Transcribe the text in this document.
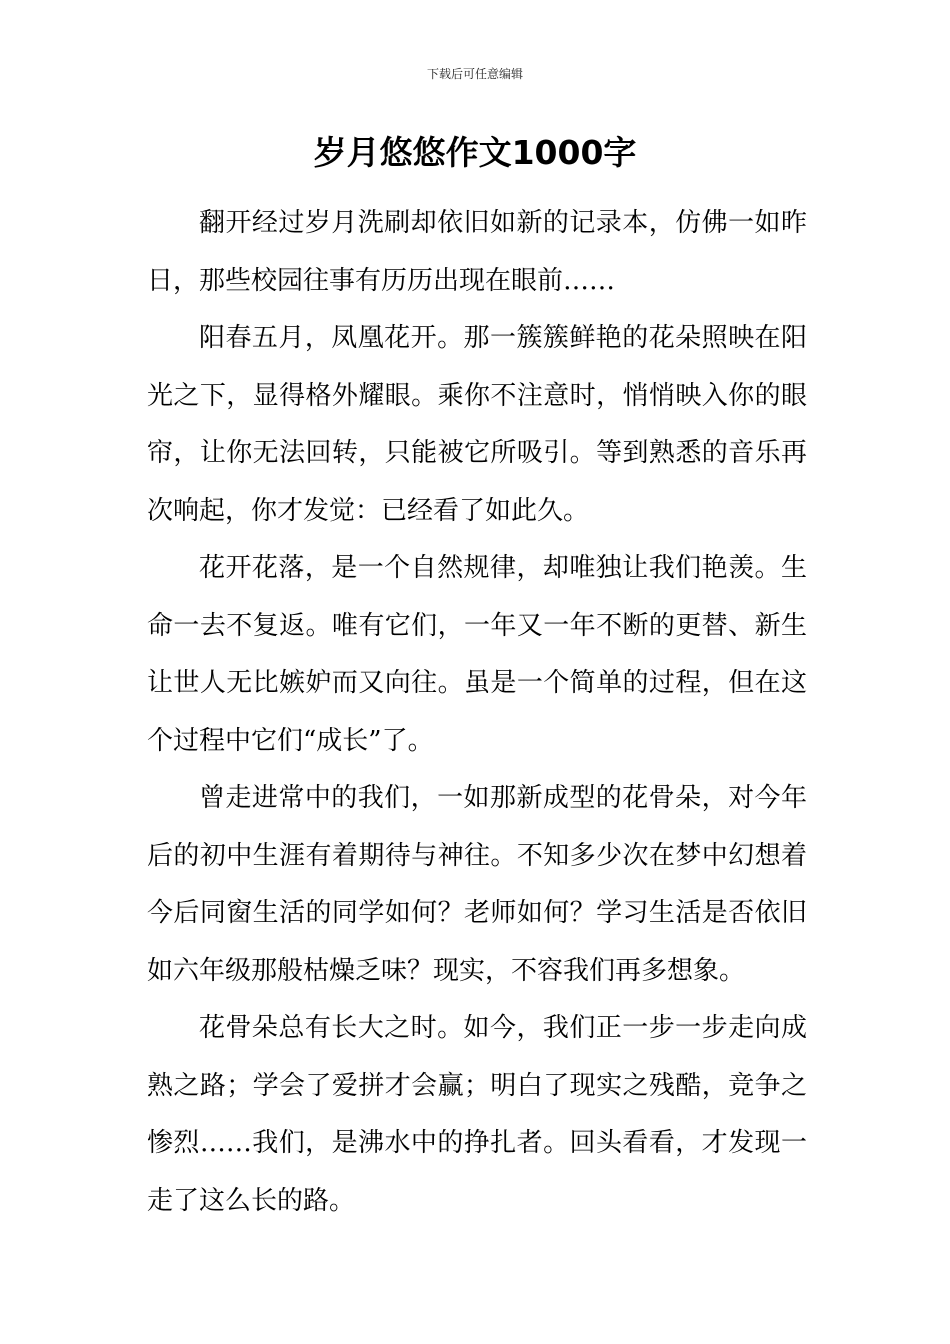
下载后可任意编辑
岁月悠悠作文1000字

翻开经过岁月洗刷却依旧如新的记录本，仿佛一如昨日，那些校园往事有历历出现在眼前……

阳春五月，凤凰花开。那一簇簇鲜艳的花朵照映在阳光之下，显得格外耀眼。乘你不注意时，悄悄映入你的眼帘，让你无法回转，只能被它所吸引。等到熟悉的音乐再次响起，你才发觉：已经看了如此久。

花开花落，是一个自然规律，却唯独让我们艳羡。生命一去不复返。唯有它们，一年又一年不断的更替、新生让世人无比嫉妒而又向往。虽是一个简单的过程，但在这个过程中它们“成长”了。

曾走进常中的我们，一如那新成型的花骨朵，对今年后的初中生涯有着期待与神往。不知多少次在梦中幻想着今后同窗生活的同学如何？老师如何？学习生活是否依旧如六年级那般枯燥乏味？现实，不容我们再多想象。

花骨朵总有长大之时。如今，我们正一步一步走向成熟之路；学会了爱拼才会赢；明白了现实之残酷，竞争之惨烈……我们，是沸水中的挣扎者。回头看看，才发现一走了这么长的路。
